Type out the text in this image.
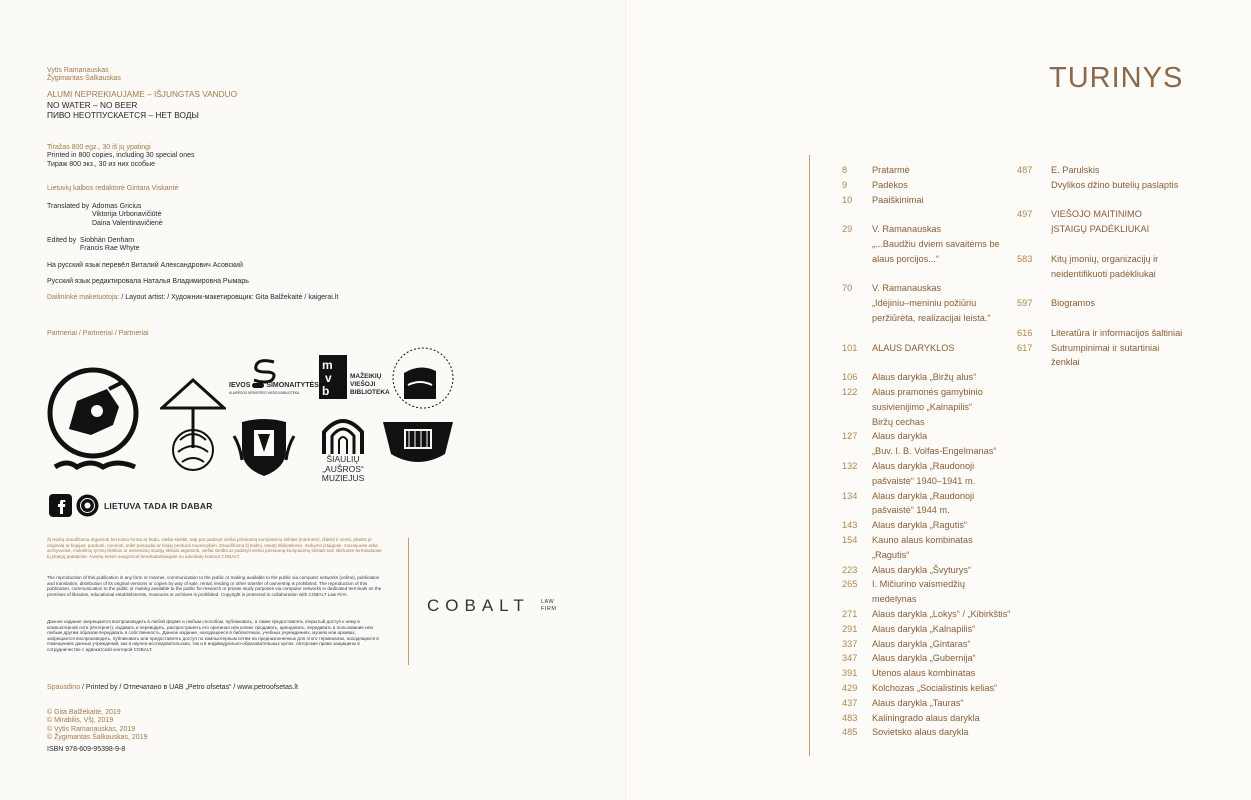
Vytis Ramanauskas
Žygimantas Šalkauskas
ALUMI NEPREKIAUJAME – IŠJUNGTAS VANDUO
NO WATER – NO BEER
ПИВО НЕОТПУСКАЕТСЯ – НЕТ ВОДЫ
Tiražas 800 egz., 30 iš jų ypatingi
Printed in 800 copies, including 30 special ones
Тираж 800 экз., 30 из них особые
Lietuvių kalbos redaktorė Gintara Viskantė
Translated by Adomas Gricius
Viktorija Urbonavičiūtė
Daina Valentinavičienė
Edited by Siobhán Denham
Francis Rae Whyte
На русский язык перевёл Виталий Александрович Асовский
Русский язык редактировала Наталья Владимировна Рымарь
Dailininkė maketuotoja: / Layout artist: / Художник-макетировщик: Gita Balžekaitė / kaigerai.lt
Partneriai / Partneriai / Partneriai
IEVOS SIMONAITYTĖS
KLAIPĖDOS APSKRITIES VIEŠOJI BIBLIOTEKA
m
v
b
MAŽEIKIŲ
VIEŠOJI
BIBLIOTEKA
ŠIAULIŲ „AUŠROS“
MUZIEJUS
LIETUVA TADA IR DABAR
Šį leidinį draudžiama atgaminti bet kokia forma ar būdu, viešai skelbti, taip pat padaryti viešai prieinamą kompiuterių tinklais (internete), išleisti ir versti, platinti jo originalą ar kopijas: parduoti, nuomoti, teikti panaudai ar kitaip perduoti nuosavybėn. Draudžiama šį leidinį, esantį bibliotekose, mokymo įstaigose, muziejuose arba archyvuose, mokslinių tyrimų tiksliais ar asmeninių studijų tikslais atgaminti, viešai skelbti ar padaryti viešai prieinamą kompiuterių tinklais tam skirtuose terminaluose tų įstaigų patalpose. Autorių teisės saugomos bendradarbiaujant su advokatų kontora COBALT.
The reproduction of this publication in any form or manner, communication to the public or making available to the public via computer networks (online), publication and translation, distribution of its original versions or copies by way of sale, rental, lending or other transfer of ownership is prohibited. The reproduction of this publication, communication to the public or making available to the public for research or private study purposes via computer networks in dedicated terminals on the premises of libraries, educational establishments, museums or archives is prohibited. Copyright is protected in collaboration with COBALT Law Firm.
Данное издание запрещается воспроизводить в любой форме и любым способом, публиковать, а также предоставлять открытый доступ к нему в компьютерной сети (Интернет), издавать и переводить, распространять его оригинал или копии: продавать, арендовать, передавать в пользование или любым другим образом передавать в собственность. Данное издание, находящееся в библиотеках, учебных учреждениях, музеях или архивах, запрещается воспроизводить, публиковать или предоставлять доступ по компьютерным сетям на предназначенных для этого терминалах, находящихся в помещениях данных учреждений, как в научно-исследовательских, так и в индивидуально-образовательных целях. Авторские права защищены в сотрудничестве с адвокатской конторой COBALT.
COBALT LAW
FIRM
Spausdino / Printed by / Отпечатано в UAB „Petro ofsetas“ / www.petroofsetas.lt
© Gita Balžekaitė, 2019
© Mirabilis, VšĮ, 2019
© Vytis Ramanauskas, 2019
© Žygimantas Šalkauskas, 2019
ISBN 978-609-95398-9-8
TURINYS
8	Pratarmė
9	Padėkos
10	Paaiškinimai
29	V. Ramanauskas
„...Baudžiu dviem savaitėms be
alaus porcijos...“
70	V. Ramanauskas
„Idėjiniu–meniniu požiūriu
peržiūrėta, realizacijai leista.“
101	ALAUS DARYKLOS
106	Alaus darykla „Biržų alus“
122	Alaus pramonės gamybinio
susivienijimo „Kalnapilis“
Biržų cechas
127	Alaus darykla
„Buv. I. B. Volfas-Engelmanas“
132	Alaus darykla „Raudonoji
pašvaistė“ 1940–1941 m.
134	Alaus darykla „Raudonoji
pašvaistė“ 1944 m.
143	Alaus darykla „Ragutis“
154	Kauno alaus kombinatas
„Ragutis“
223	Alaus darykla „Švyturys“
265	I. Mičiurino vaismedžių
medelynas
271	Alaus darykla „Lokys“ / „Kibirkštis“
291	Alaus darykla „Kalnapilis“
337	Alaus darykla „Gintaras“
347	Alaus darykla „Gubernija“
391	Utenos alaus kombinatas
429	Kolchozas „Socialistinis kelias“
437	Alaus darykla „Tauras“
483	Kaliningrado alaus darykla
485	Sovietsko alaus darykla
487	E. Parulskis
Dvylikos džino butelių paslaptis
497	VIEŠOJO MAITINIMO
ĮSTAIGŲ PADĖKLIUKAI
583	Kitų įmonių, organizacijų ir
neidentifikuoti padėkliukai
597	Biogramos
616	Literatūra ir informacijos šaltiniai
617	Sutrumpinimai ir sutartiniai
ženklai
